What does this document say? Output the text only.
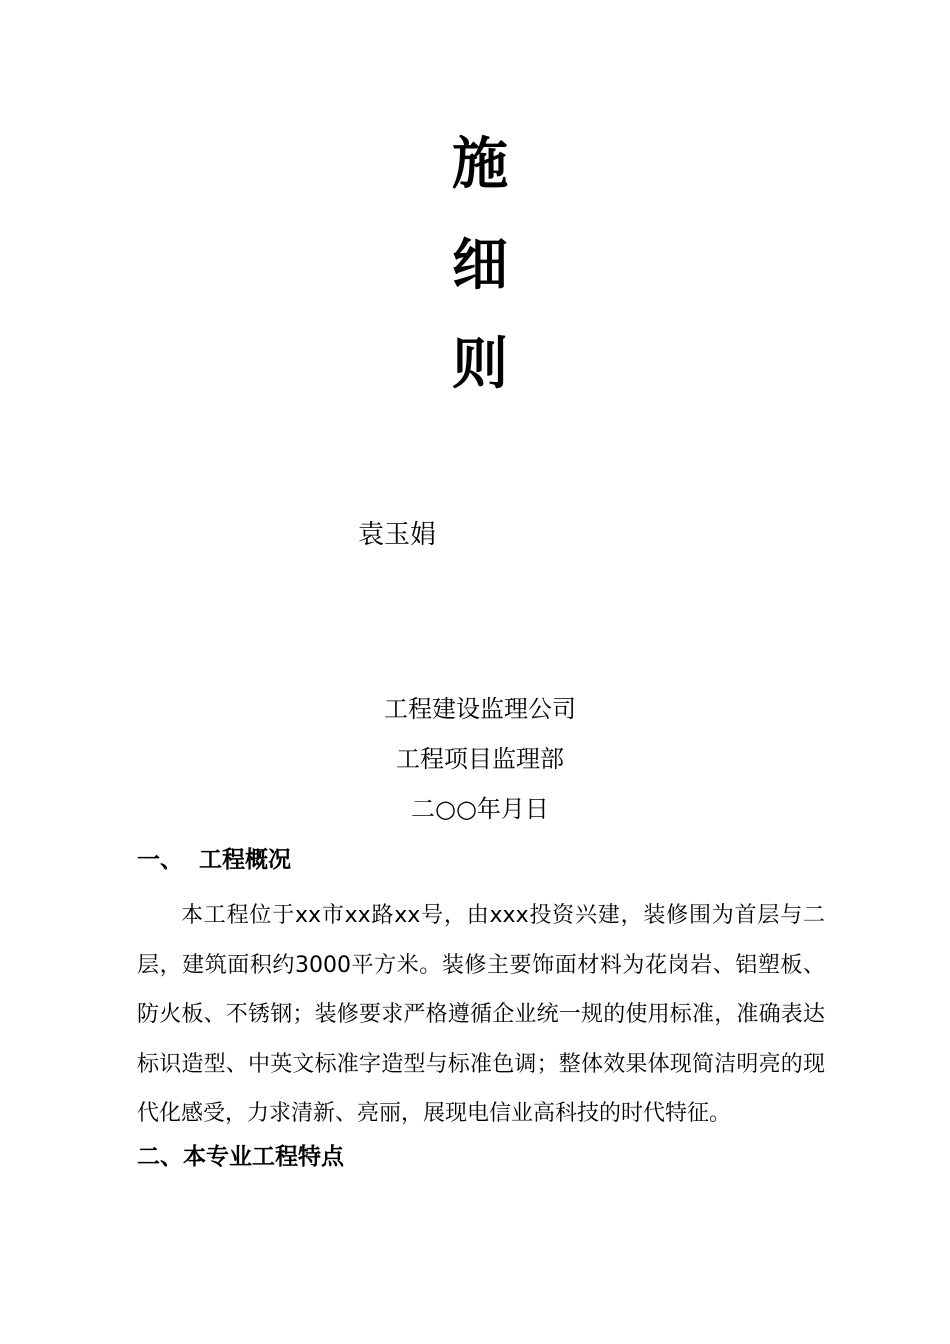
施
细
则
袁玉娟
工程建设监理公司
工程项目监理部
二○○年月日
一、  工程概况

本工程位于xx市xx路xx号，由xxx投资兴建，装修围为首层与二层，建筑面积约3000平方米。装修主要饰面材料为花岗岩、铝塑板、防火板、不锈钢；装修要求严格遵循企业统一规的使用标准，准确表达标识造型、中英文标准字造型与标准色调；整体效果体现简洁明亮的现代化感受，力求清新、亮丽，展现电信业高科技的时代特征。

二、本专业工程特点
